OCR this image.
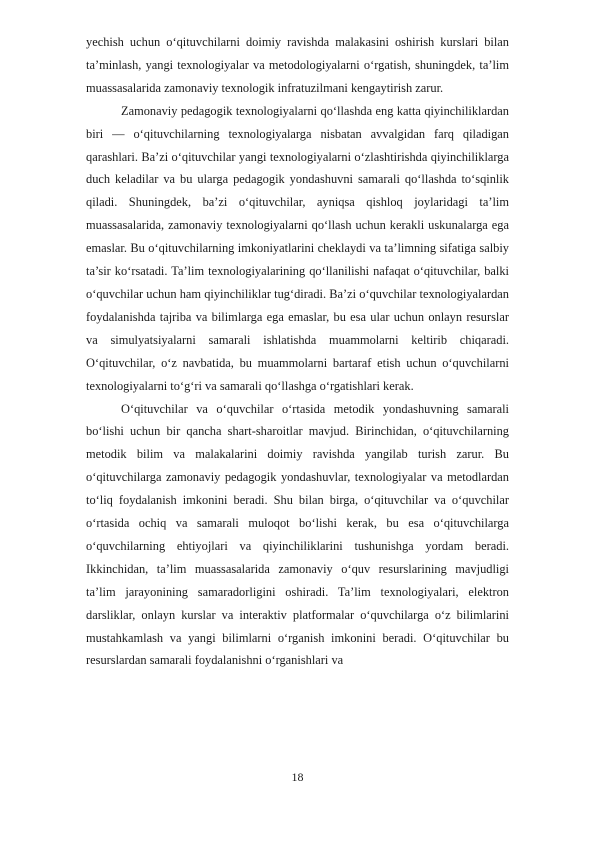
yechish uchun o‘qituvchilarni doimiy ravishda malakasini oshirish kurslari bilan ta’minlash, yangi texnologiyalar va metodologiyalarni o‘rgatish, shuningdek, ta’lim muassasalarida zamonaviy texnologik infratuzilmani kengaytirish zarur.

Zamonaviy pedagogik texnologiyalarni qo‘llashda eng katta qiyinchiliklardan biri — o‘qituvchilarning texnologiyalarga nisbatan avvalgidan farq qiladigan qarashlari. Ba’zi o‘qituvchilar yangi texnologiyalarni o‘zlashtirishda qiyinchiliklarga duch keladilar va bu ularga pedagogik yondashuvni samarali qo‘llashda to‘sqinlik qiladi. Shuningdek, ba’zi o‘qituvchilar, ayniqsa qishloq joylaridagi ta’lim muassasalarida, zamonaviy texnologiyalarni qo‘llash uchun kerakli uskunalarga ega emaslar. Bu o‘qituvchilarning imkoniyatlarini cheklaydi va ta’limning sifatiga salbiy ta’sir ko‘rsatadi. Ta’lim texnologiyalarining qo‘llanilishi nafaqat o‘qituvchilar, balki o‘quvchilar uchun ham qiyinchiliklar tug‘diradi. Ba’zi o‘quvchilar texnologiyalardan foydalanishda tajriba va bilimlarga ega emaslar, bu esa ular uchun onlayn resurslar va simulyatsiyalarni samarali ishlatishda muammolarni keltirib chiqaradi. O‘qituvchilar, o‘z navbatida, bu muammolarni bartaraf etish uchun o‘quvchilarni texnologiyalarni to‘g‘ri va samarali qo‘llashga o‘rgatishlari kerak.

O‘qituvchilar va o‘quvchilar o‘rtasida metodik yondashuvning samarali bo‘lishi uchun bir qancha shart-sharoitlar mavjud. Birinchidan, o‘qituvchilarning metodik bilim va malakalarini doimiy ravishda yangilab turish zarur. Bu o‘qituvchilarga zamonaviy pedagogik yondashuvlar, texnologiyalar va metodlardan to‘liq foydalanish imkonini beradi. Shu bilan birga, o‘qituvchilar va o‘quvchilar o‘rtasida ochiq va samarali muloqot bo‘lishi kerak, bu esa o‘qituvchilarga o‘quvchilarning ehtiyojlari va qiyinchiliklarini tushunishga yordam beradi. Ikkinchidan, ta’lim muassasalarida zamonaviy o‘quv resurslarining mavjudligi ta’lim jarayonining samaradorligini oshiradi. Ta’lim texnologiyalari, elektron darsliklar, onlayn kurslar va interaktiv platformalar o‘quvchilarga o‘z bilimlarini mustahkamlash va yangi bilimlarni o‘rganish imkonini beradi. O‘qituvchilar bu resurslardan samarali foydalanishni o‘rganishlari va

18
